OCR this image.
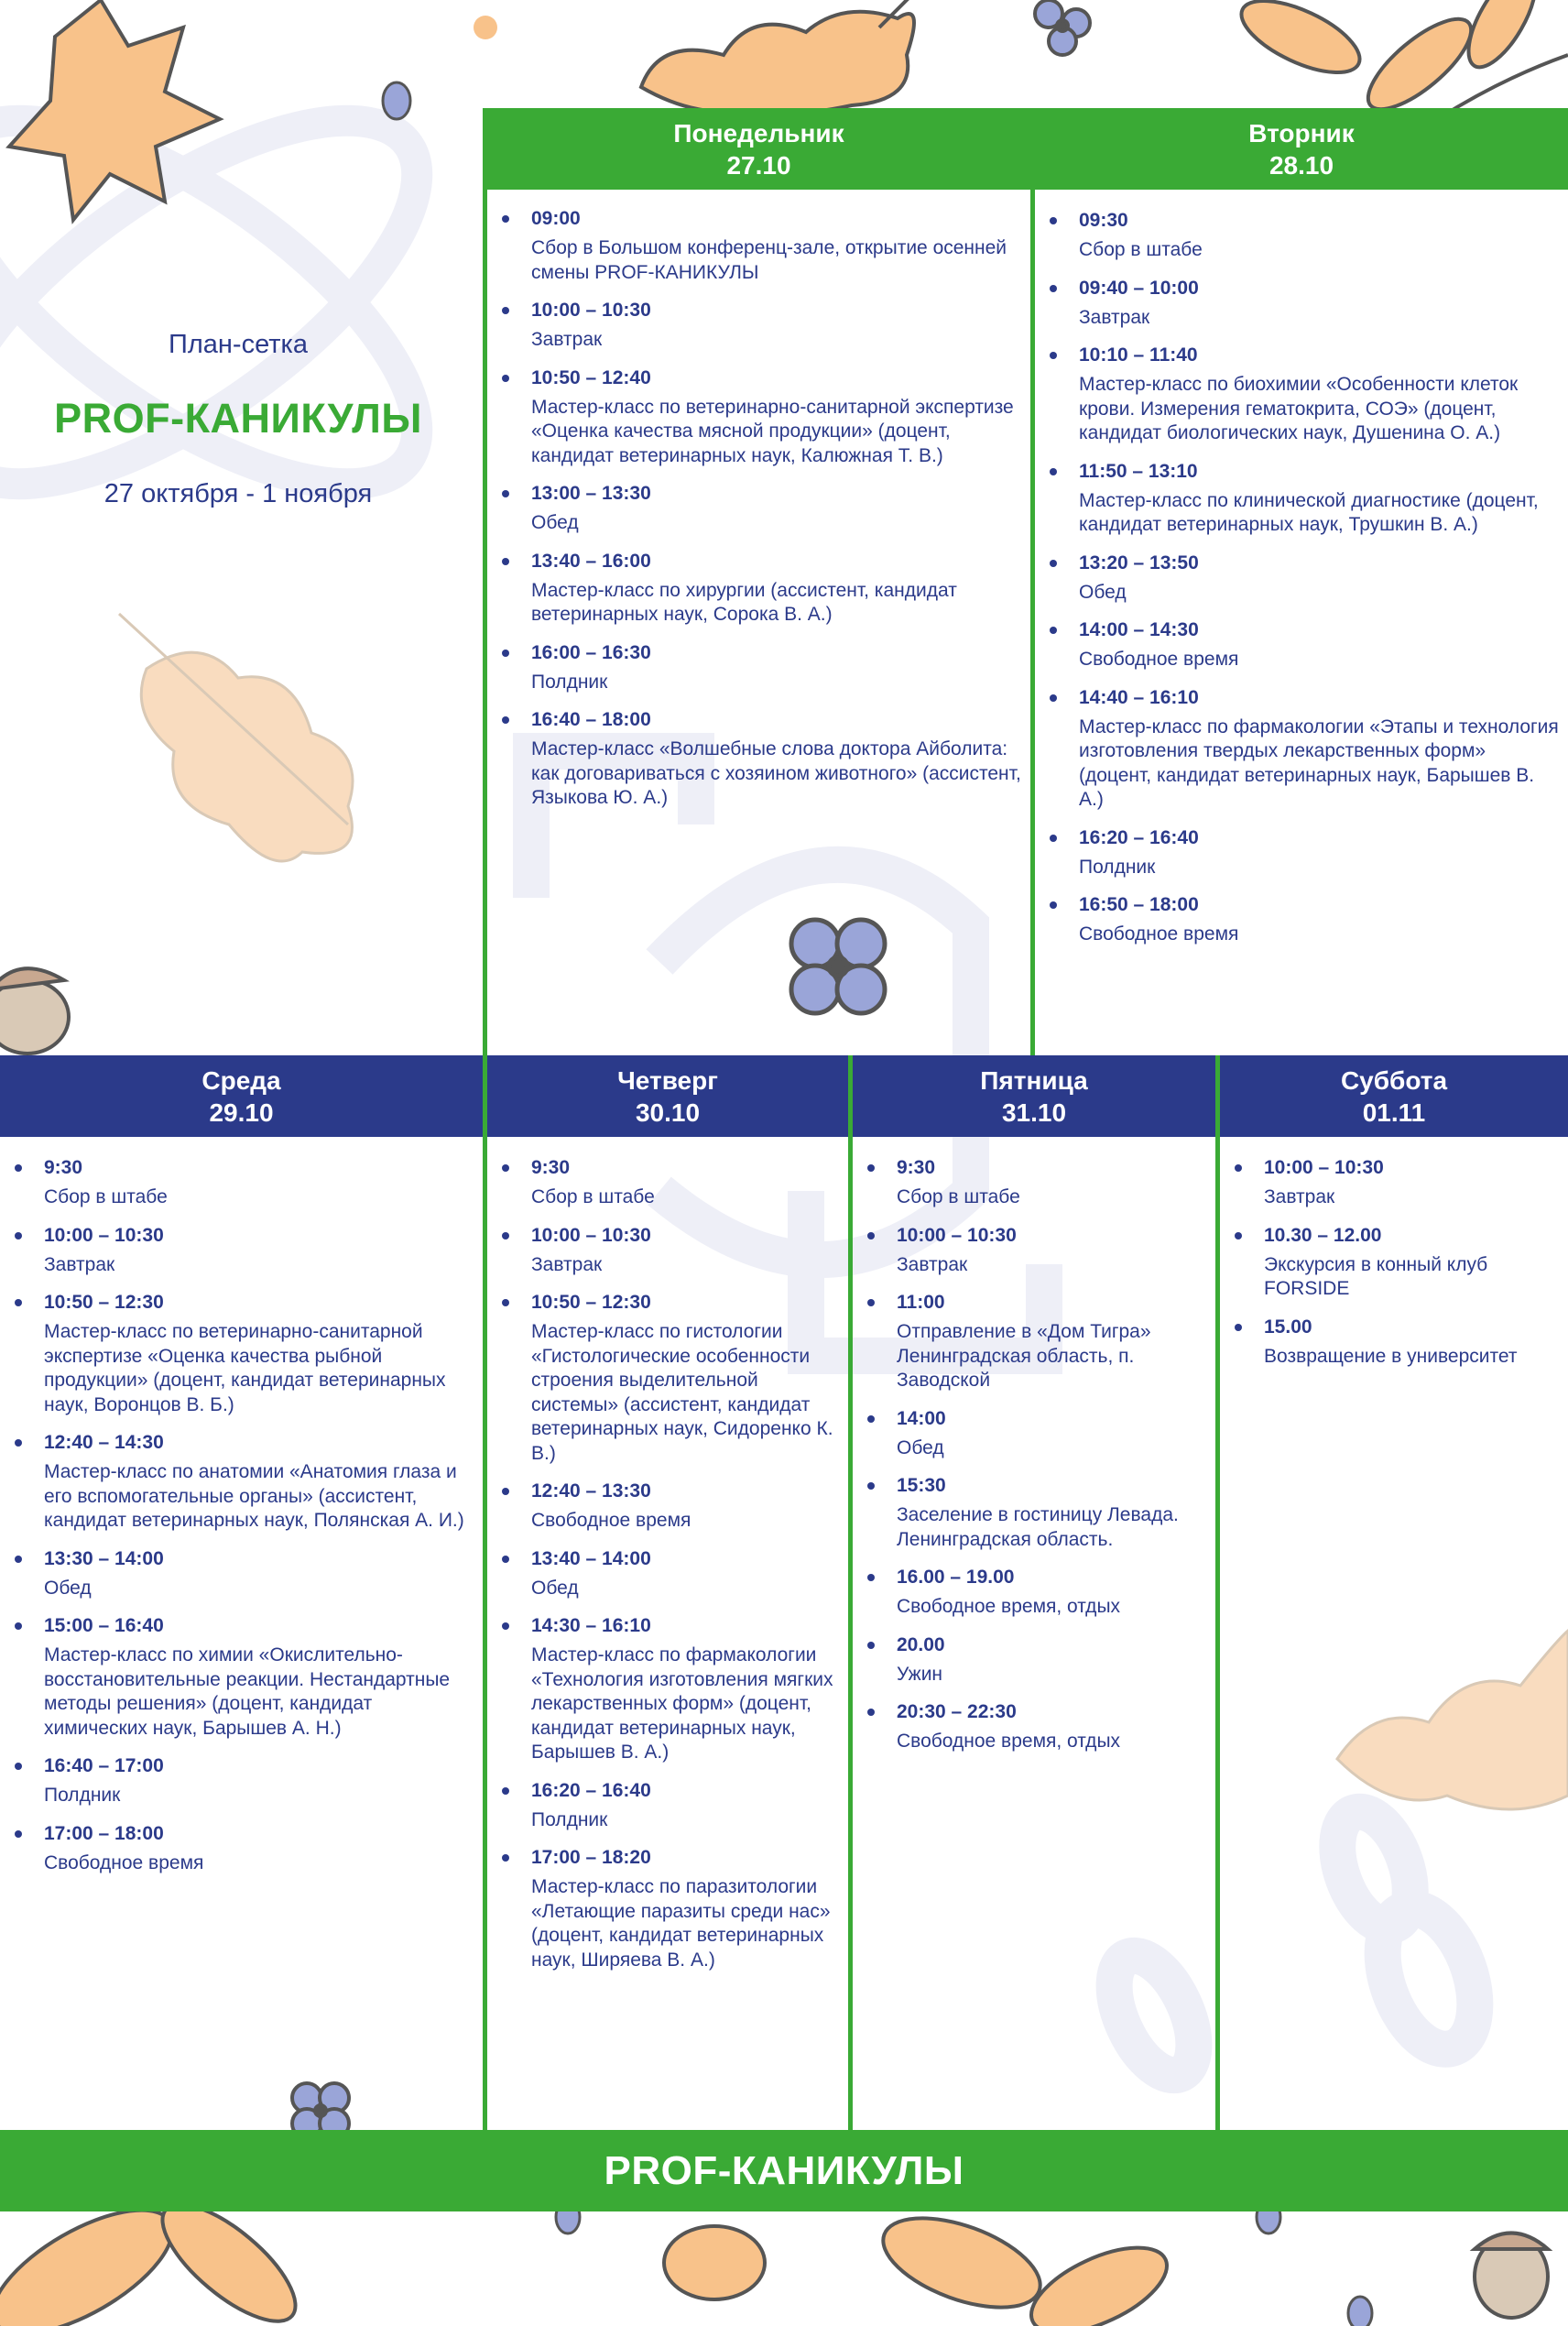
План-сетка
PROF-КАНИКУЛЫ
27 октября - 1 ноября
Понедельник
27.10
09:00
Сбор в Большом конференц-зале, открытие осенней смены PROF-КАНИКУЛЫ
10:00 – 10:30
Завтрак
10:50 – 12:40
Мастер-класс по ветеринарно-санитарной экспертизе «Оценка качества мясной продукции» (доцент, кандидат ветеринарных наук, Калюжная Т. В.)
13:00 – 13:30
Обед
13:40 – 16:00
Мастер-класс по хирургии (ассистент, кандидат ветеринарных наук, Сорока В. А.)
16:00 – 16:30
Полдник
16:40 – 18:00
Мастер-класс «Волшебные слова доктора Айболита: как договариваться с хозяином животного» (ассистент, Языкова Ю. А.)
Вторник
28.10
09:30
Сбор в штабе
09:40 – 10:00
Завтрак
10:10 – 11:40
Мастер-класс по биохимии «Особенности клеток крови. Измерения гематокрита, СОЭ» (доцент, кандидат биологических наук, Душенина О. А.)
11:50 – 13:10
Мастер-класс по клинической диагностике (доцент, кандидат ветеринарных наук, Трушкин В. А.)
13:20 – 13:50
Обед
14:00 – 14:30
Свободное время
14:40 – 16:10
Мастер-класс по фармакологии «Этапы и технология изготовления твердых лекарственных форм» (доцент, кандидат ветеринарных наук, Барышев В. А.)
16:20 – 16:40
Полдник
16:50 – 18:00
Свободное время
Среда
29.10
9:30
Сбор в штабе
10:00 – 10:30
Завтрак
10:50 – 12:30
Мастер-класс по ветеринарно-санитарной экспертизе «Оценка качества рыбной продукции» (доцент, кандидат ветеринарных наук, Воронцов В. Б.)
12:40 – 14:30
Мастер-класс по анатомии «Анатомия глаза и его вспомогательные органы» (ассистент, кандидат ветеринарных наук, Полянская А. И.)
13:30 – 14:00
Обед
15:00 – 16:40
Мастер-класс по химии «Окислительно-восстановительные реакции. Нестандартные методы решения» (доцент, кандидат химических наук, Барышев А. Н.)
16:40 – 17:00
Полдник
17:00 – 18:00
Свободное время
Четверг
30.10
9:30
Сбор в штабе
10:00 – 10:30
Завтрак
10:50 – 12:30
Мастер-класс по гистологии «Гистологические особенности строения выделительной системы» (ассистент, кандидат ветеринарных наук, Сидоренко К. В.)
12:40 – 13:30
Свободное время
13:40 – 14:00
Обед
14:30 – 16:10
Мастер-класс по фармакологии «Технология изготовления мягких лекарственных форм» (доцент, кандидат ветеринарных наук, Барышев В. А.)
16:20 – 16:40
Полдник
17:00 – 18:20
Мастер-класс по паразитологии «Летающие паразиты среди нас» (доцент, кандидат ветеринарных наук, Ширяева В. А.)
Пятница
31.10
9:30
Сбор в штабе
10:00 – 10:30
Завтрак
11:00
Отправление в «Дом Тигра» Ленинградская область, п. Заводской
14:00
Обед
15:30
Заселение в гостиницу Левада. Ленинградская область.
16.00 – 19.00
Свободное время, отдых
20.00
Ужин
20:30 – 22:30
Свободное время, отдых
Суббота
01.11
10:00 – 10:30
Завтрак
10.30 – 12.00
Экскурсия в конный клуб FORSIDE
15.00
Возвращение в университет
PROF-КАНИКУЛЫ
